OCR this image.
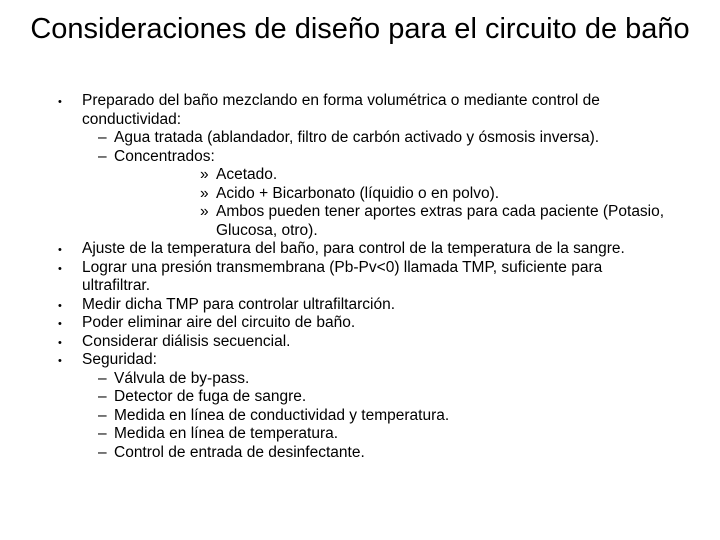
Consideraciones de diseño para el circuito de baño
• Preparado del baño mezclando en forma volumétrica o mediante control de conductividad:
– Agua tratada (ablandador, filtro de carbón activado y ósmosis inversa).
– Concentrados:
» Acetado.
» Acido + Bicarbonato (líquidio o en polvo).
» Ambos pueden tener aportes extras para cada paciente (Potasio, Glucosa, otro).
• Ajuste de la temperatura del baño, para control de la temperatura de la sangre.
• Lograr una presión transmembrana (Pb-Pv<0) llamada TMP, suficiente para ultrafiltrar.
• Medir dicha TMP para controlar ultrafiltarción.
• Poder eliminar aire del circuito de baño.
• Considerar diálisis secuencial.
• Seguridad:
– Válvula de by-pass.
– Detector de fuga de sangre.
– Medida en línea de conductividad y temperatura.
– Medida en línea de temperatura.
– Control de entrada de desinfectante.
